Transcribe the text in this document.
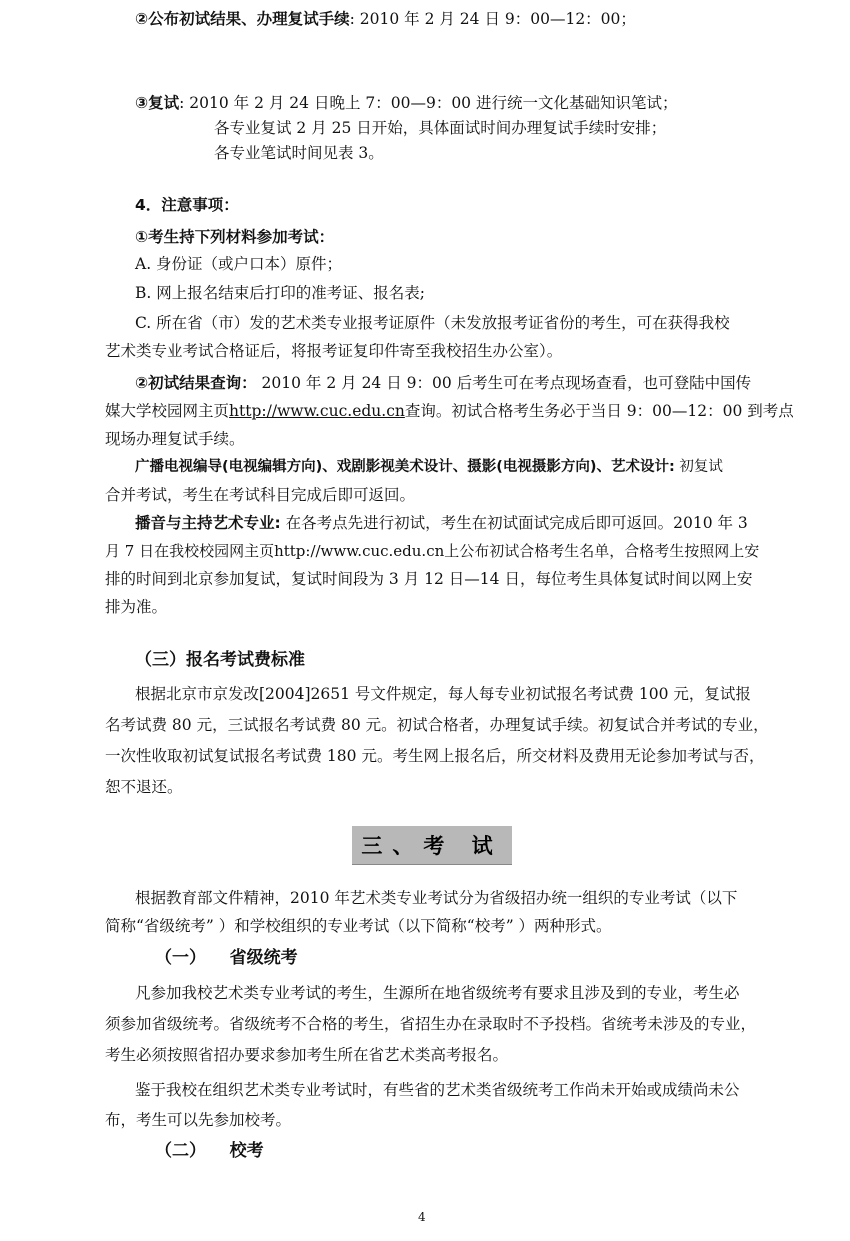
②公布初试结果、办理复试手续: 2010 年 2 月 24 日 9：00—12：00；
③复试: 2010 年 2 月 24 日晚上 7：00—9：00 进行统一文化基础知识笔试；
各专业复试 2 月 25 日开始，具体面试时间办理复试手续时安排；
各专业笔试时间见表 3。
4．注意事项：
①考生持下列材料参加考试：
A. 身份证（或户口本）原件；
B. 网上报名结束后打印的准考证、报名表;
C. 所在省（市）发的艺术类专业报考证原件（未发放报考证省份的考生，可在获得我校
艺术类专业考试合格证后，将报考证复印件寄至我校招生办公室）。
②初试结果查询： 2010 年 2 月 24 日 9：00 后考生可在考点现场查看，也可登陆中国传
媒大学校园网主页http://www.cuc.edu.cn查询。初试合格考生务必于当日 9：00—12：00 到考点
现场办理复试手续。
广播电视编导(电视编辑方向)、戏剧影视美术设计、摄影(电视摄影方向)、艺术设计: 初复试
合并考试，考生在考试科目完成后即可返回。
播音与主持艺术专业: 在各考点先进行初试，考生在初试面试完成后即可返回。2010 年 3
月 7 日在我校校园网主页http://www.cuc.edu.cn上公布初试合格考生名单，合格考生按照网上安
排的时间到北京参加复试，复试时间段为 3 月 12 日—14 日，每位考生具体复试时间以网上安
排为准。
（三）报名考试费标准
根据北京市京发改[2004]2651 号文件规定，每人每专业初试报名考试费 100 元，复试报
名考试费 80 元，三试报名考试费 80 元。初试合格者，办理复试手续。初复试合并考试的专业，
一次性收取初试复试报名考试费 180 元。考生网上报名后，所交材料及费用无论参加考试与否，
恕不退还。
三、考 试
根据教育部文件精神，2010 年艺术类专业考试分为省级招办统一组织的专业考试（以下
简称“省级统考” ）和学校组织的专业考试（以下简称“校考” ）两种形式。
（一）    省级统考
凡参加我校艺术类专业考试的考生，生源所在地省级统考有要求且涉及到的专业，考生必
须参加省级统考。省级统考不合格的考生，省招生办在录取时不予投档。省统考未涉及的专业，
考生必须按照省招办要求参加考生所在省艺术类高考报名。
鉴于我校在组织艺术类专业考试时，有些省的艺术类省级统考工作尚未开始或成绩尚未公
布，考生可以先参加校考。
（二）    校考
4
